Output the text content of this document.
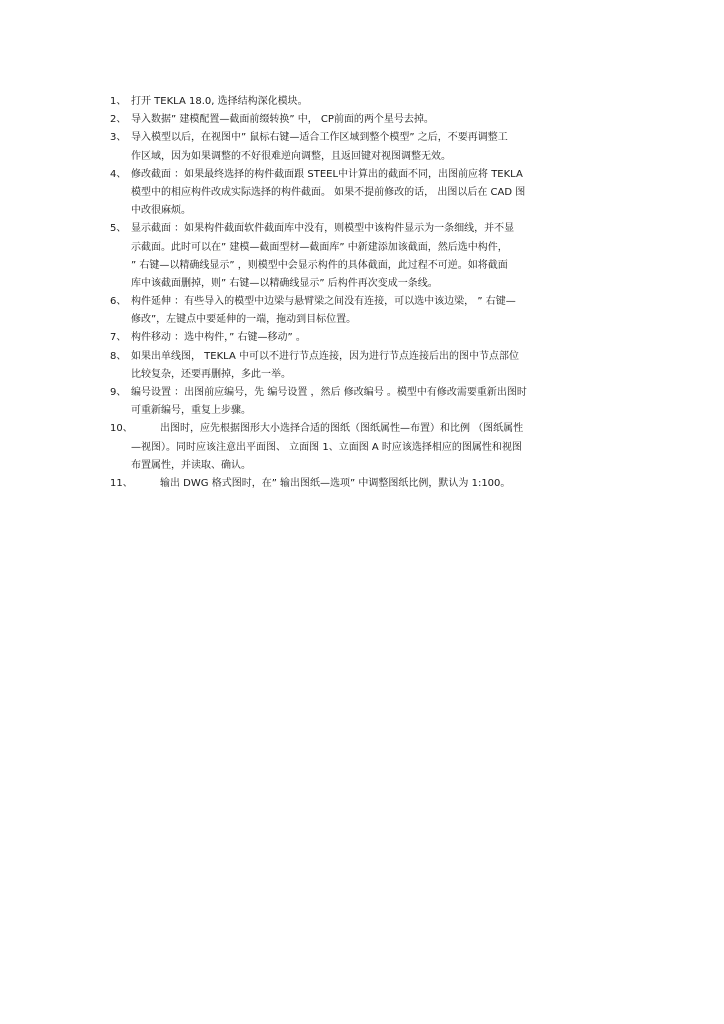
1、 打开 TEKLA 18.0, 选择结构深化模块。
2、 导入数据” 建模配置—截面前缀转换” 中， CP前面的两个星号去掉。
3、 导入模型以后，在视图中” 鼠标右键—适合工作区域到整个模型” 之后，不要再调整工
作区域，因为如果调整的不好很难逆向调整，且返回键对视图调整无效。
4、 修改截面 ：如果最终选择的构件截面跟 STEEL中计算出的截面不同，出图前应将 TEKLA
模型中的相应构件改成实际选择的构件截面。 如果不提前修改的话， 出图以后在 CAD 图
中改很麻烦。
5、 显示截面 ：如果构件截面软件截面库中没有，则模型中该构件显示为一条细线，并不显
示截面。此时可以在” 建模—截面型材—截面库” 中新建添加该截面，然后选中构件，
” 右键—以精确线显示” ，则模型中会显示构件的具体截面，此过程不可逆。如将截面
库中该截面删掉，则” 右键—以精确线显示” 后构件再次变成一条线。
6、 构件延伸 ：有些导入的模型中边梁与悬臂梁之间没有连接，可以选中该边梁， ” 右键—
修改”，左键点中要延伸的一端，拖动到目标位置。
7、 构件移动 ：选中构件，” 右键—移动” 。
8、 如果出单线图， TEKLA 中可以不进行节点连接，因为进行节点连接后出的图中节点部位
比较复杂，还要再删掉，多此一举。
9、 编号设置 ：出图前应编号，先 编号设置 ，然后 修改编号 。模型中有修改需要重新出图时
可重新编号，重复上步骤。
10、	出图时，应先根据图形大小选择合适的图纸（图纸属性—布置）和比例 （图纸属性
—视图）。同时应该注意出平面图、 立面图 1、立面图 A 时应该选择相应的图属性和视图
布置属性，并读取、确认。
11、	输出 DWG 格式图时，在” 输出图纸—选项” 中调整图纸比例，默认为 1:100。
